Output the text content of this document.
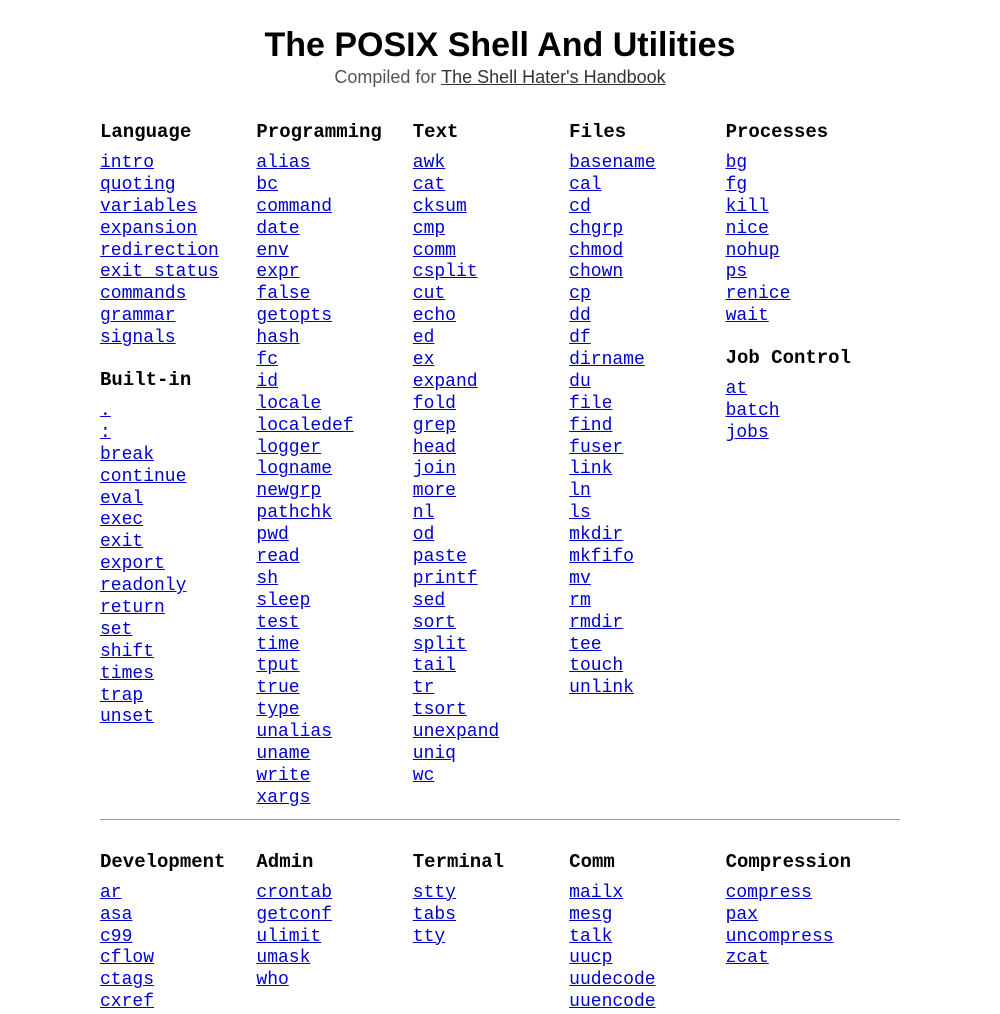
The POSIX Shell And Utilities
Compiled for The Shell Hater's Handbook
Language
intro
quoting
variables
expansion
redirection
exit status
commands
grammar
signals
Built-in
.
:
break
continue
eval
exec
exit
export
readonly
return
set
shift
times
trap
unset
Programming
alias
bc
command
date
env
expr
false
getopts
hash
fc
id
locale
localedef
logger
logname
newgrp
pathchk
pwd
read
sh
sleep
test
time
tput
true
type
unalias
uname
write
xargs
Text
awk
cat
cksum
cmp
comm
csplit
cut
echo
ed
ex
expand
fold
grep
head
join
more
nl
od
paste
printf
sed
sort
split
tail
tr
tsort
unexpand
uniq
wc
Files
basename
cal
cd
chgrp
chmod
chown
cp
dd
df
dirname
du
file
find
fuser
link
ln
ls
mkdir
mkfifo
mv
rm
rmdir
tee
touch
unlink
Processes
bg
fg
kill
nice
nohup
ps
renice
wait
Job Control
at
batch
jobs
Development
ar
asa
c99
cflow
ctags
cxref
Admin
crontab
getconf
ulimit
umask
who
Terminal
stty
tabs
tty
Comm
mailx
mesg
talk
uucp
uudecode
uuencode
Compression
compress
pax
uncompress
zcat
